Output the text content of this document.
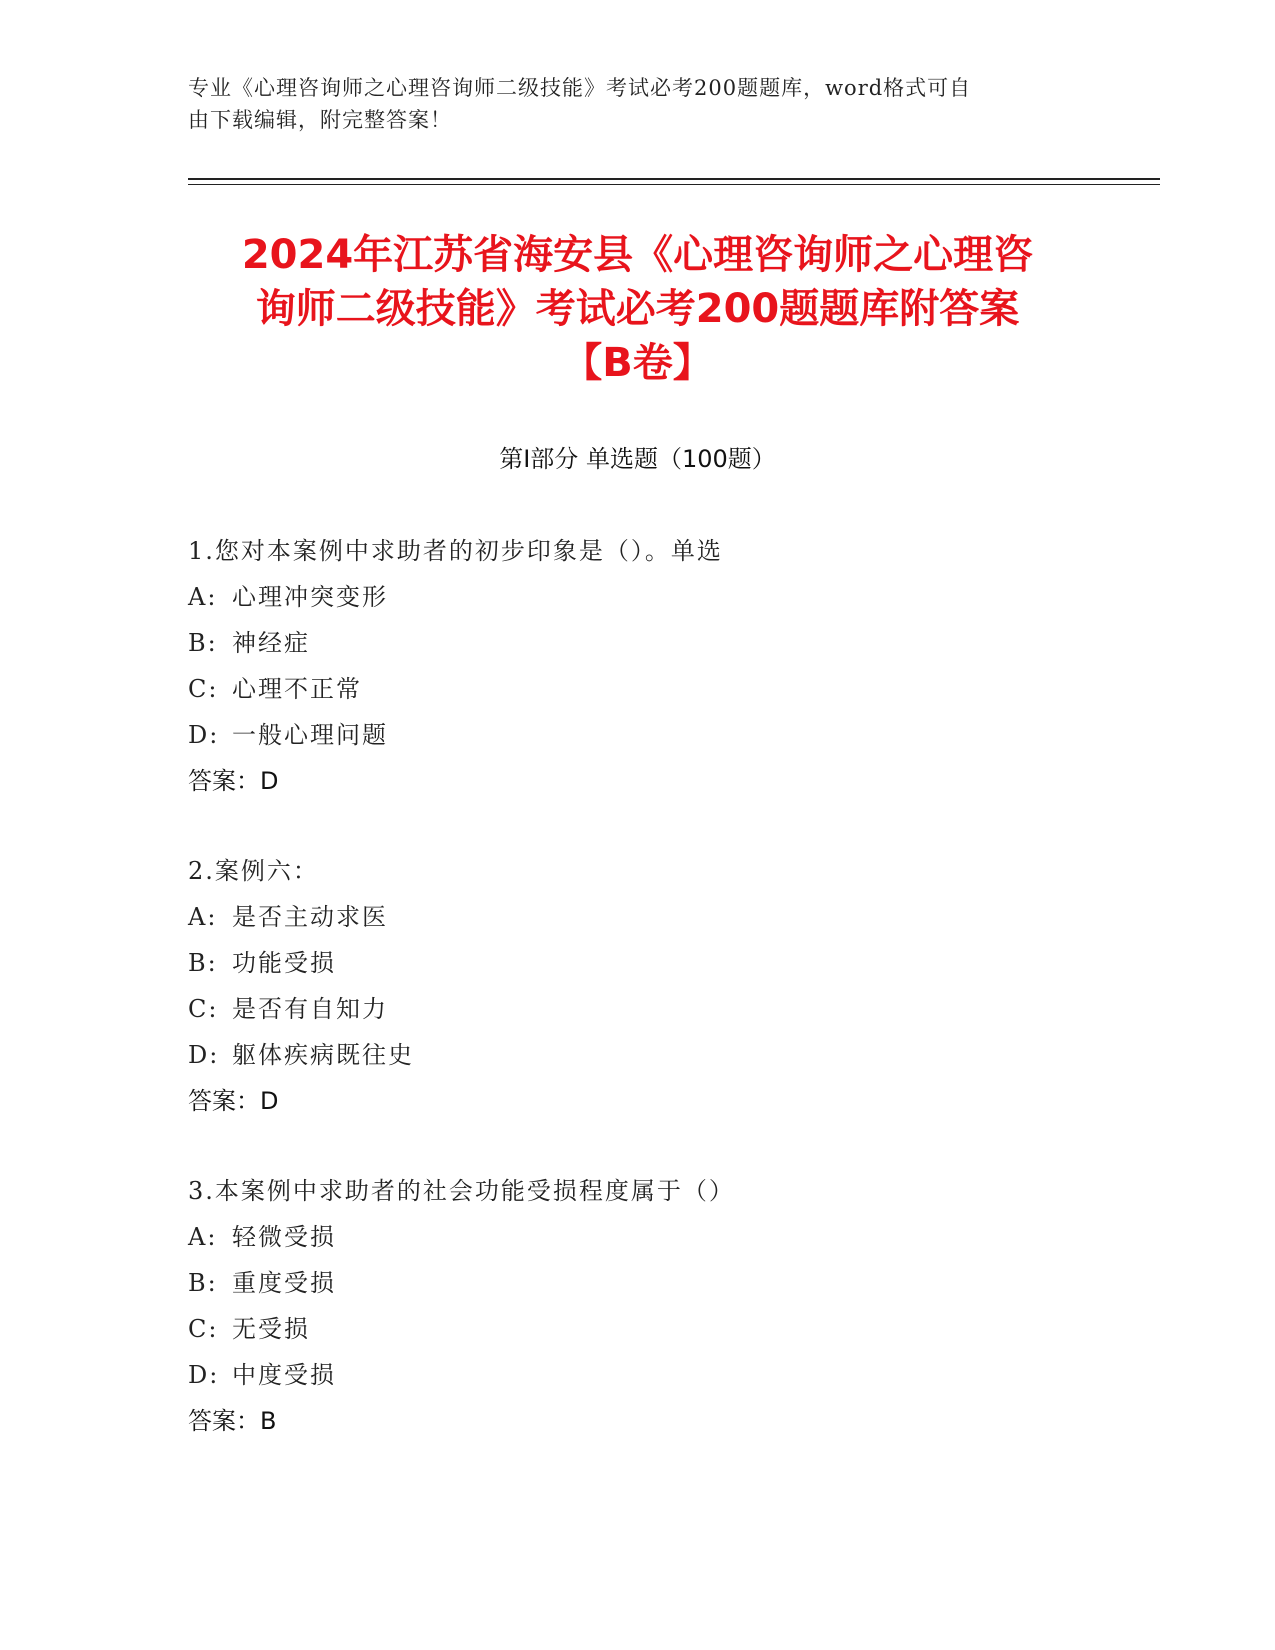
专业《心理咨询师之心理咨询师二级技能》考试必考200题题库，word格式可自
由下载编辑，附完整答案！
2024年江苏省海安县《心理咨询师之心理咨
询师二级技能》考试必考200题题库附答案
【B卷】
第Ⅰ部分 单选题（100题）
1.您对本案例中求助者的初步印象是（）。单选
A: 心理冲突变形
B: 神经症
C: 心理不正常
D: 一般心理问题
答案：D
2.案例六：
A: 是否主动求医
B: 功能受损
C: 是否有自知力
D: 躯体疾病既往史
答案：D
3.本案例中求助者的社会功能受损程度属于（）
A: 轻微受损
B: 重度受损
C: 无受损
D: 中度受损
答案：B
